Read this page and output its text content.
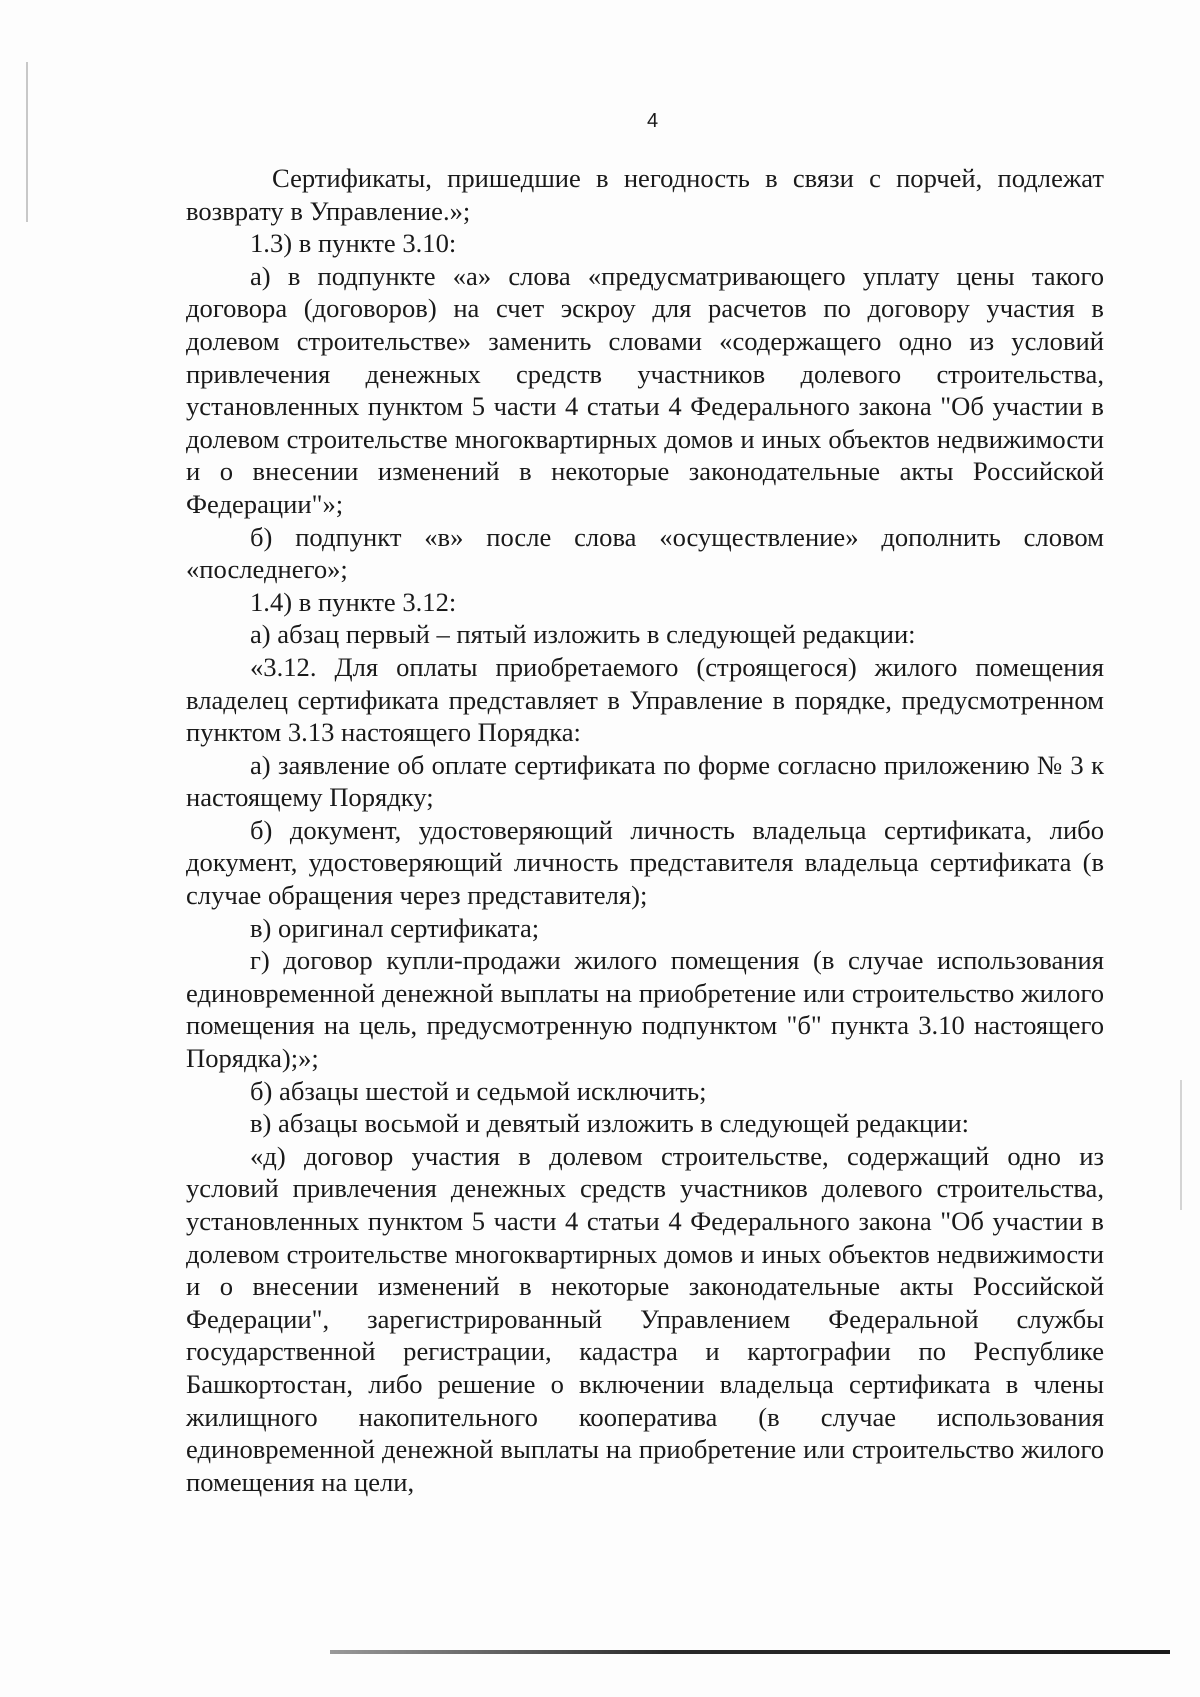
4

Сертификаты, пришедшие в негодность в связи с порчей, подлежат возврату в Управление.»;

1.3) в пункте 3.10:

а) в подпункте «а» слова «предусматривающего уплату цены такого договора (договоров) на счет эскроу для расчетов по договору участия в долевом строительстве» заменить словами «содержащего одно из условий привлечения денежных средств участников долевого строительства, установленных пунктом 5 части 4 статьи 4 Федерального закона "Об участии в долевом строительстве многоквартирных домов и иных объектов недвижимости и о внесении изменений в некоторые законодательные акты Российской Федерации"»;

б) подпункт «в» после слова «осуществление» дополнить словом «последнего»;

1.4) в пункте 3.12:

а) абзац первый – пятый изложить в следующей редакции:

«3.12. Для оплаты приобретаемого (строящегося) жилого помещения владелец сертификата представляет в Управление в порядке, предусмотренном пунктом 3.13 настоящего Порядка:

а) заявление об оплате сертификата по форме согласно приложению № 3 к настоящему Порядку;

б) документ, удостоверяющий личность владельца сертификата, либо документ, удостоверяющий личность представителя владельца сертификата (в случае обращения через представителя);

в) оригинал сертификата;

г) договор купли-продажи жилого помещения (в случае использования единовременной денежной выплаты на приобретение или строительство жилого помещения на цель, предусмотренную подпунктом "б" пункта 3.10 настоящего Порядка);»;

б) абзацы шестой и седьмой исключить;

в) абзацы восьмой и девятый изложить в следующей редакции:

«д) договор участия в долевом строительстве, содержащий одно из условий привлечения денежных средств участников долевого строительства, установленных пунктом 5 части 4 статьи 4 Федерального закона "Об участии в долевом строительстве многоквартирных домов и иных объектов недвижимости и о внесении изменений в некоторые законодательные акты Российской Федерации", зарегистрированный Управлением Федеральной службы государственной регистрации, кадастра и картографии по Республике Башкортостан, либо решение о включении владельца сертификата в члены жилищного накопительного кооператива (в случае использования единовременной денежной выплаты на приобретение или строительство жилого помещения на цели,
